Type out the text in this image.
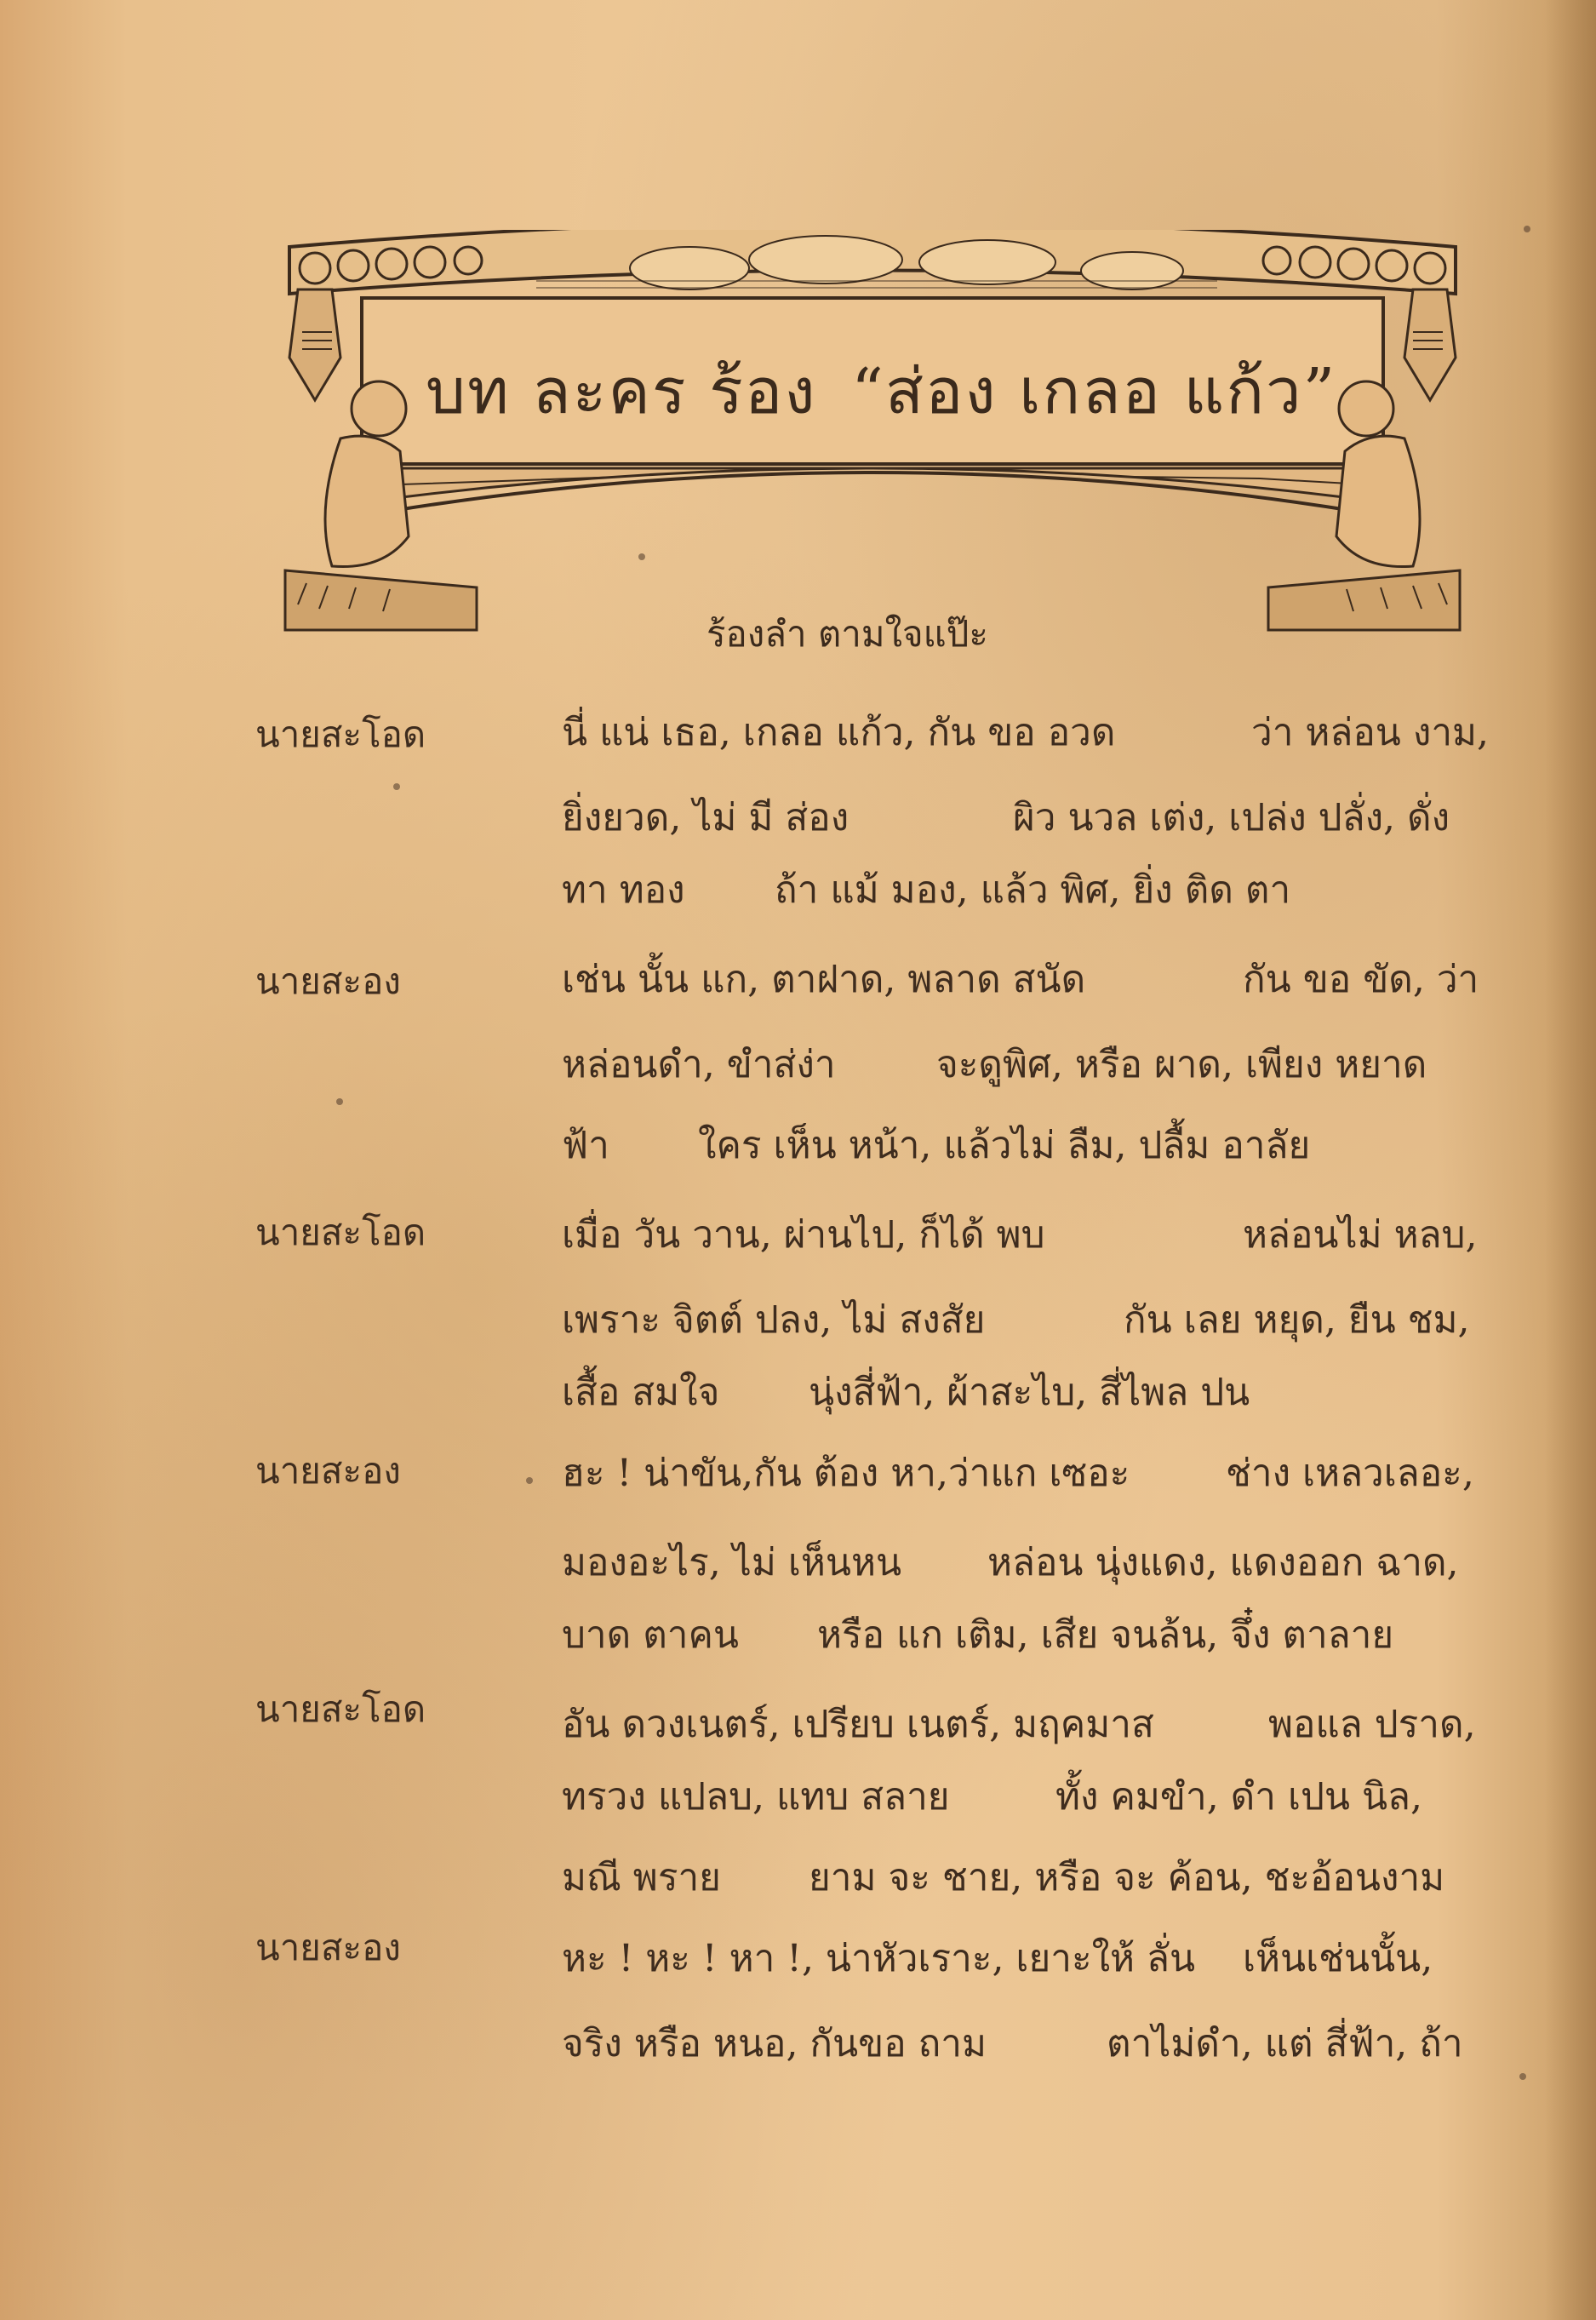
บท ละคร ร้อง “ส่อง เกลอ แก้ว”
ร้องลำ ตามใจแป๊ะ
นายสะโอด	นี่ แน่ เธอ, เกลอ แก้ว, กัน ขอ อวด	ว่า หล่อน งาม,
ยิ่งยวด, ไม่ มี ส่อง	ผิว นวล เต่ง, เปล่ง ปลั่ง, ดั่ง
ทา ทอง ถ้า แม้ มอง, แล้ว พิศ, ยิ่ง ติด ตา
นายสะอง	เช่น นั้น แก, ตาฝาด, พลาด สนัด	กัน ขอ ขัด, ว่า
หล่อนดำ, ขำส่ง่า	จะดูพิศ, หรือ ผาด, เพียง หยาด
ฟ้า ใคร เห็น หน้า, แล้วไม่ ลืม, ปลื้ม อาลัย
นายสะโอด	เมื่อ วัน วาน, ผ่านไป, ก็ได้ พบ	หล่อนไม่ หลบ,
เพราะ จิตต์ ปลง, ไม่ สงสัย	กัน เลย หยุด, ยืน ชม,
เสื้อ สมใจ นุ่งสี่ฟ้า, ผ้าสะไบ, สี่ไพล ปน
นายสะอง	ฮะ ! น่าขัน,กัน ต้อง หา,ว่าแก เซอะ	ช่าง เหลวเลอะ,
มองอะไร, ไม่ เห็นหน หล่อน นุ่งแดง, แดงออก ฉาด,
บาด ตาคน หรือ แก เติม, เสีย จนล้น, จึ๋ง ตาลาย
นายสะโอด	อัน ดวงเนตร์, เปรียบ เนตร์, มฤคมาส	พอแล ปราด,
ทรวง แปลบ, แทบ สลาย	ทั้ง คมขำ, ดำ เปน นิล,
มณี พราย ยาม จะ ชาย, หรือ จะ ค้อน, ชะอ้อนงาม
นายสะอง	หะ ! หะ ! หา !, น่าหัวเราะ, เยาะให้ ลั่น เห็นเช่นนั้น,
จริง หรือ หนอ, กันขอ ถาม	ตาไม่ดำ, แต่ สี่ฟ้า, ถ้า
